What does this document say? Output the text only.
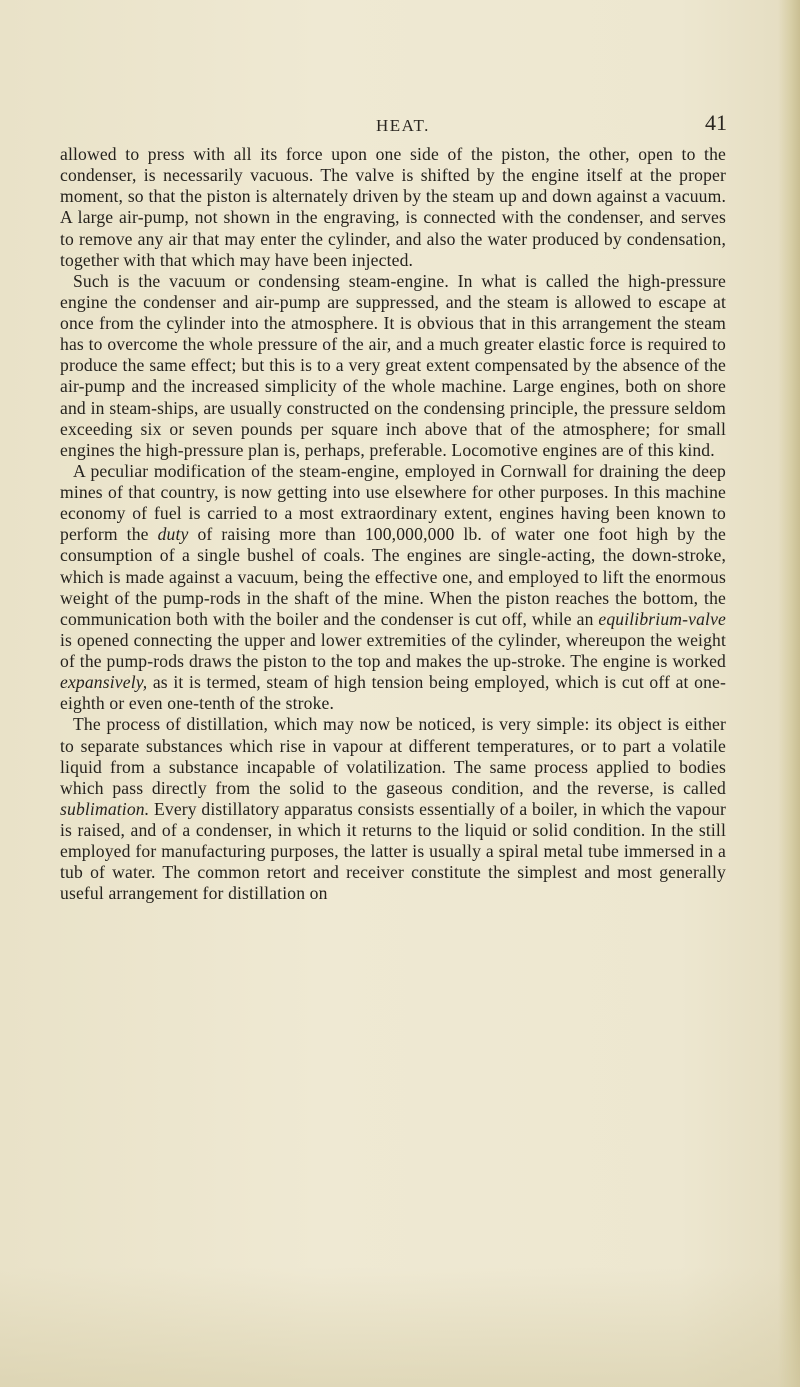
HEAT.	41

allowed to press with all its force upon one side of the piston, the other, open to the condenser, is necessarily vacuous. The valve is shifted by the engine itself at the proper moment, so that the piston is alternately driven by the steam up and down against a vacuum. A large air-pump, not shown in the engraving, is connected with the condenser, and serves to remove any air that may enter the cylinder, and also the water produced by condensation, together with that which may have been injected.

Such is the vacuum or condensing steam-engine. In what is called the high-pressure engine the condenser and air-pump are suppressed, and the steam is allowed to escape at once from the cylinder into the atmosphere. It is obvious that in this arrangement the steam has to overcome the whole pressure of the air, and a much greater elastic force is required to produce the same effect; but this is to a very great extent compensated by the absence of the air-pump and the increased simplicity of the whole machine. Large engines, both on shore and in steam-ships, are usually constructed on the condensing principle, the pressure seldom exceeding six or seven pounds per square inch above that of the atmosphere; for small engines the high-pressure plan is, perhaps, preferable. Locomotive engines are of this kind.

A peculiar modification of the steam-engine, employed in Cornwall for draining the deep mines of that country, is now getting into use elsewhere for other purposes. In this machine economy of fuel is carried to a most extraordinary extent, engines having been known to perform the duty of raising more than 100,000,000 lb. of water one foot high by the consumption of a single bushel of coals. The engines are single-acting, the down-stroke, which is made against a vacuum, being the effective one, and employed to lift the enormous weight of the pump-rods in the shaft of the mine. When the piston reaches the bottom, the communication both with the boiler and the condenser is cut off, while an equilibrium-valve is opened connecting the upper and lower extremities of the cylinder, whereupon the weight of the pump-rods draws the piston to the top and makes the up-stroke. The engine is worked expansively, as it is termed, steam of high tension being employed, which is cut off at one-eighth or even one-tenth of the stroke.

The process of distillation, which may now be noticed, is very simple: its object is either to separate substances which rise in vapour at different temperatures, or to part a volatile liquid from a substance incapable of volatilization. The same process applied to bodies which pass directly from the solid to the gaseous condition, and the reverse, is called sublimation. Every distillatory apparatus consists essentially of a boiler, in which the vapour is raised, and of a condenser, in which it returns to the liquid or solid condition. In the still employed for manufacturing purposes, the latter is usually a spiral metal tube immersed in a tub of water. The common retort and receiver constitute the simplest and most generally useful arrangement for distillation on
